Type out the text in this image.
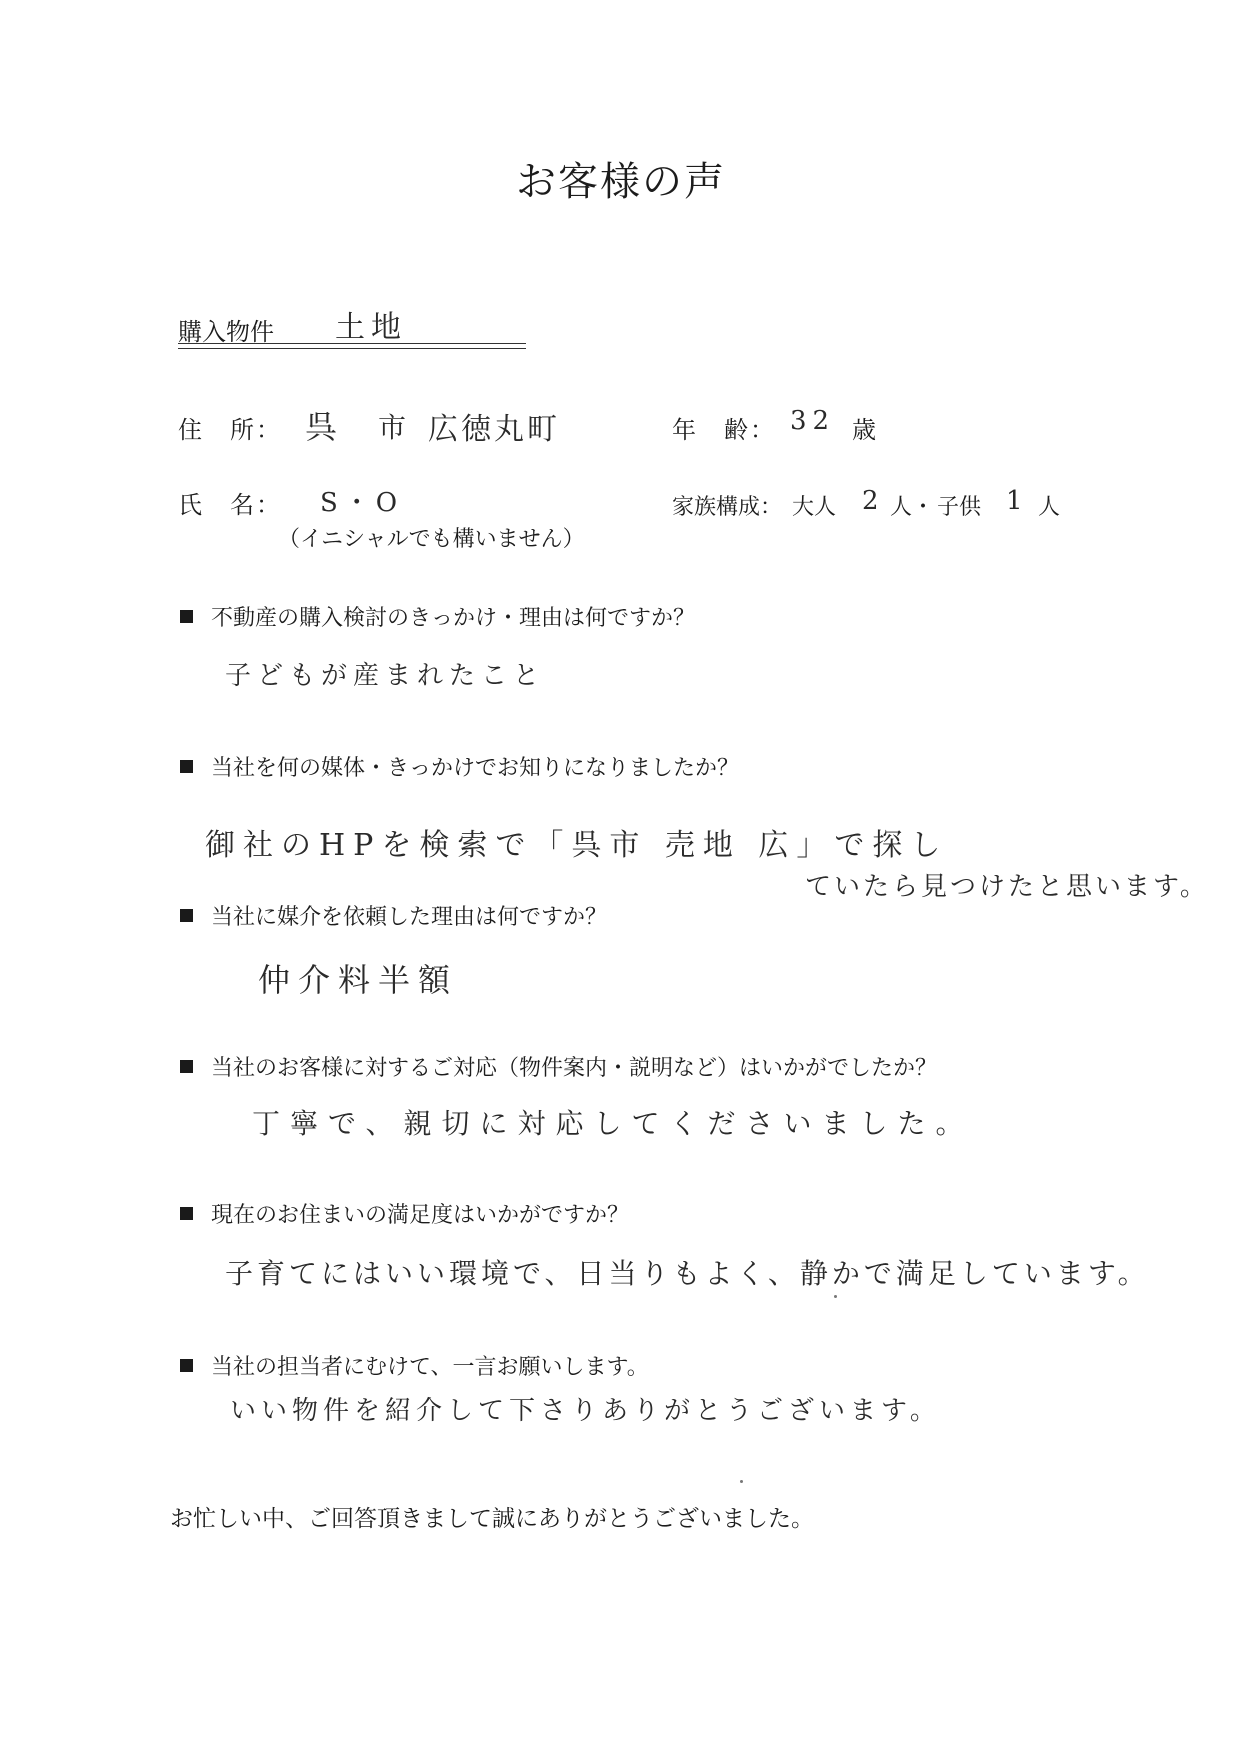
お客様の声
購入物件 土地
住　所： 呉 市 広徳丸町	年　齢： 32 歳
氏　名： S・O
（イニシャルでも構いません）
家族構成： 大人 2 人・ 子供 1 人
不動産の購入検討のきっかけ・理由は何ですか？
子どもが産まれたこと
当社を何の媒体・きっかけでお知りになりましたか？
御社のHPを検索で「呉市 売地 広」で探し
ていたら見つけたと思います。
当社に媒介を依頼した理由は何ですか？
仲介料半額
当社のお客様に対するご対応（物件案内・説明など）はいかがでしたか？
丁寧で、親切に対応してくださいました。
現在のお住まいの満足度はいかがですか？
子育てにはいい環境で、日当りもよく、静かで満足しています。
当社の担当者にむけて、一言お願いします。
いい物件を紹介して下さりありがとうございます。
お忙しい中、ご回答頂きまして誠にありがとうございました。
